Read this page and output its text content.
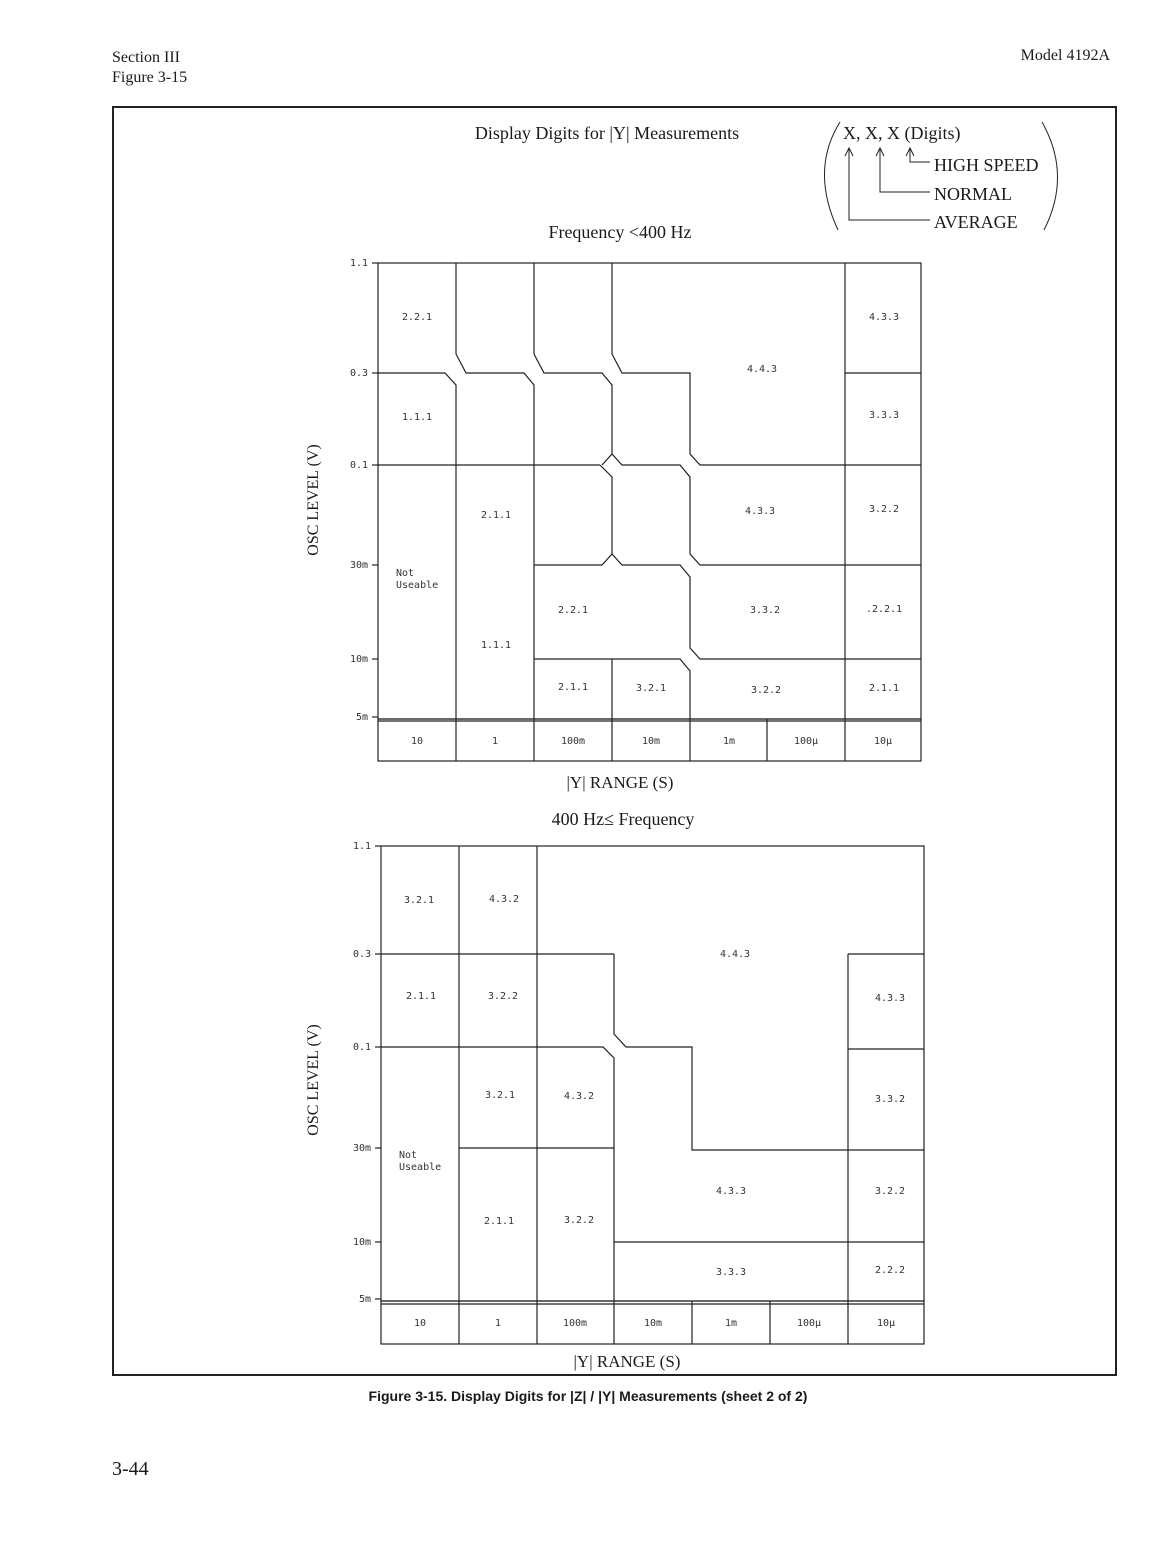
Section III
Figure 3-15
Model 4192A
Display Digits for |Y| Measurements	X, X, X (Digits)
HIGH SPEED
NORMAL
AVERAGE
Frequency <400 Hz
OSC LEVEL (V)
1.1
0.3
0.1
30m
10m
5m
10	1	100m	10m	1m	100μ	10μ
2.2.1
1.1.1
Not
Useable
2.1.1
1.1.1
2.2.1
2.1.1	3.2.1
4.4.3
4.3.3
3.3.2
3.2.2
4.3.3
3.3.3
3.2.2
.2.2.1
2.1.1
|Y| RANGE (S)
400 Hz≤ Frequency
OSC LEVEL (V)
1.1
0.3
0.1
30m
10m
5m
10	1	100m	10m	1m	100μ	10μ
3.2.1	4.3.2
2.1.1	3.2.2
Not
Useable
3.2.1	4.3.2
2.1.1	3.2.2
4.4.3
4.3.3
3.3.3
4.3.3
3.3.2
3.2.2
2.2.2
|Y| RANGE (S)
Figure 3-15. Display Digits for |Z| / |Y| Measurements (sheet 2 of 2)
3-44
